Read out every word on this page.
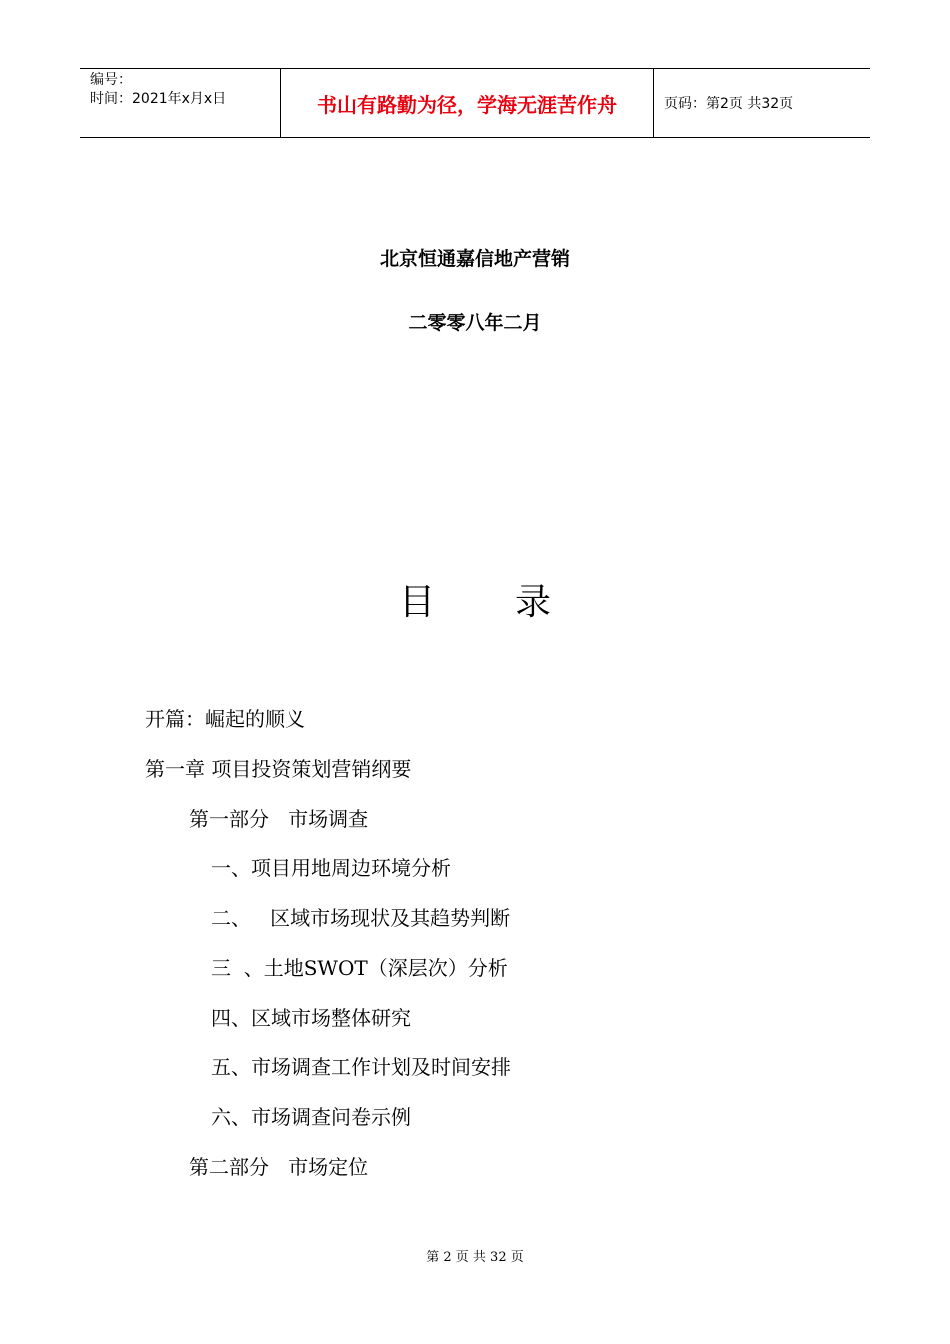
编号：
时间：2021年x月x日	书山有路勤为径，学海无涯苦作舟	页码：第2页 共32页
北京恒通嘉信地产营销
二零零八年二月
目 录
开篇：崛起的顺义
第一章 项目投资策划营销纲要
第一部分   市场调查
一、项目用地周边环境分析
二、   区域市场现状及其趋势判断
三  、土地SWOT（深层次）分析
四、区域市场整体研究
五、市场调查工作计划及时间安排
六、市场调查问卷示例
第二部分   市场定位
第 2 页 共 32 页
